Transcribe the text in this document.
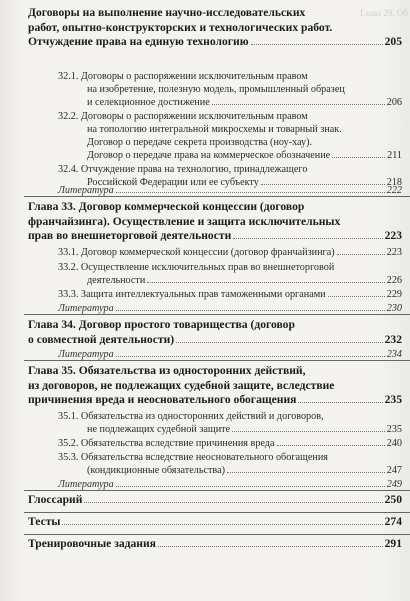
Глава 29. Об
Договоры на выполнение научно-исследовательских
работ, опытно-конструкторских и технологических работ.
Отчуждение права на единую технологию	205
32.1. Договоры о распоряжении исключительным правом
на изобретение, полезную модель, промышленный образец
и селекционное достижение	206
32.2. Договоры о распоряжении исключительным правом
на топологию интегральной микросхемы и товарный знак.
Договор о передаче секрета производства (ноу-хау).
Договор о передаче права на коммерческое обозначение	211
32.4. Отчуждение права на технологию, принадлежащего
Российской Федерации или ее субъекту	218
Литература	222
Глава 33. Договор коммерческой концессии (договор
франчайзинга). Осуществление и защита исключительных
прав во внешнеторговой деятельности	223
33.1. Договор коммерческой концессии (договор франчайзинга)	223
33.2. Осуществление исключительных прав во внешнеторговой
деятельности	226
33.3. Защита интеллектуальных прав таможенными органами	229
Литература	230
Глава 34. Договор простого товарищества (договор
о совместной деятельности)	232
Литература	234
Глава 35. Обязательства из односторонних действий,
из договоров, не подлежащих судебной защите, вследствие
причинения вреда и неосновательного обогащения	235
35.1. Обязательства из односторонних действий и договоров,
не подлежащих судебной защите	235
35.2. Обязательства вследствие причинения вреда	240
35.3. Обязательства вследствие неосновательного обогащения
(кондикционные обязательства)	247
Литература	249
Глоссарий	250
Тесты	274
Тренировочные задания	291
